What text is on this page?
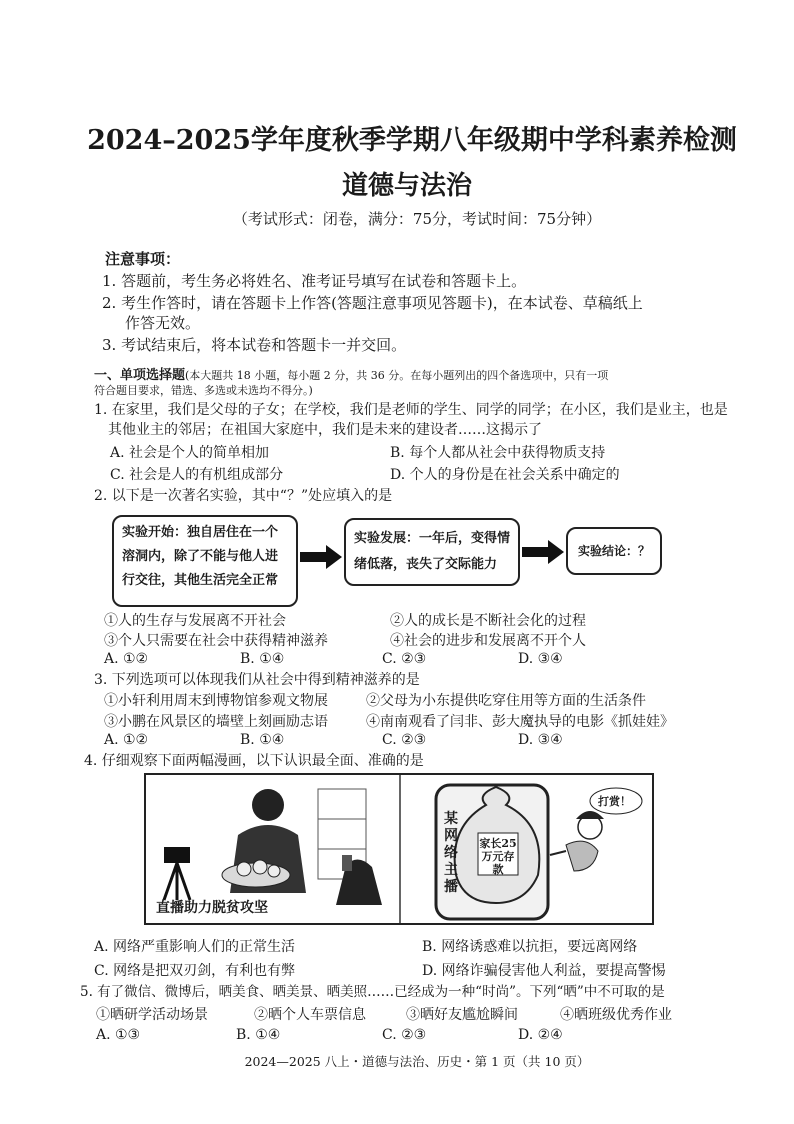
2024–2025学年度秋季学期八年级期中学科素养检测
道德与法治
（考试形式：闭卷，满分：75分，考试时间：75分钟）
注意事项：
1. 答题前，考生务必将姓名、准考证号填写在试卷和答题卡上。
2. 考生作答时，请在答题卡上作答(答题注意事项见答题卡)，在本试卷、草稿纸上
作答无效。
3. 考试结束后，将本试卷和答题卡一并交回。
一、单项选择题(本大题共 18 小题，每小题 2 分，共 36 分。在每小题列出的四个备选项中，只有一项
符合题目要求，错选、多选或未选均不得分。)
1. 在家里，我们是父母的子女；在学校，我们是老师的学生、同学的同学；在小区，我们是业主，也是
其他业主的邻居；在祖国大家庭中，我们是未来的建设者……这揭示了
A. 社会是个人的简单相加	B. 每个人都从社会中获得物质支持
C. 社会是人的有机组成部分	D. 个人的身份是在社会关系中确定的
2. 以下是一次著名实验，其中“？”处应填入的是
实验开始：独自居住在一个溶洞内，除了不能与他人进行交往，其他生活完全正常
实验发展：一年后，变得情绪低落，丧失了交际能力
实验结论：？
①人的生存与发展离不开社会	②人的成长是不断社会化的过程
③个人只需要在社会中获得精神滋养	④社会的进步和发展离不开个人
A. ①②	B. ①④	C. ②③	D. ③④
3. 下列选项可以体现我们从社会中得到精神滋养的是
①小轩利用周末到博物馆参观文物展	②父母为小东提供吃穿住用等方面的生活条件
③小鹏在风景区的墙壁上刻画励志语	④南南观看了闫非、彭大魔执导的电影《抓娃娃》
A. ①②	B. ①④	C. ②③	D. ③④
4. 仔细观察下面两幅漫画，以下认识最全面、准确的是
直播助力脱贫攻坚
某网络主播
家长25万元存款
打赏！
A. 网络严重影响人们的正常生活	B. 网络诱惑难以抗拒，要远离网络
C. 网络是把双刃剑，有利也有弊	D. 网络诈骗侵害他人利益，要提高警惕
5. 有了微信、微博后，晒美食、晒美景、晒美照……已经成为一种“时尚”。下列“晒”中不可取的是
①晒研学活动场景	②晒个人车票信息	③晒好友尴尬瞬间	④晒班级优秀作业
A. ①③	B. ①④	C. ②③	D. ②④
2024—2025 八上・道德与法治、历史・第 1 页（共 10 页）
